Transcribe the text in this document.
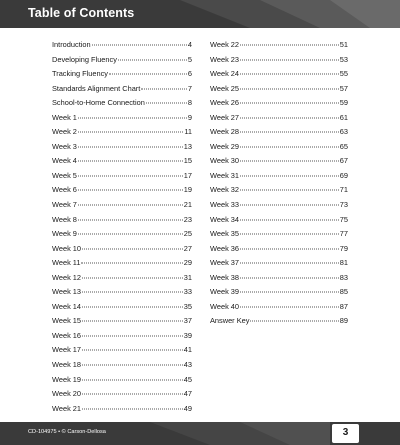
Table of Contents
Introduction	4
Developing Fluency	5
Tracking Fluency	6
Standards Alignment Chart	7
School-to-Home Connection	8
Week 1	9
Week 2	11
Week 3	13
Week 4	15
Week 5	17
Week 6	19
Week 7	21
Week 8	23
Week 9	25
Week 10	27
Week 11	29
Week 12	31
Week 13	33
Week 14	35
Week 15	37
Week 16	39
Week 17	41
Week 18	43
Week 19	45
Week 20	47
Week 21	49
Week 22	51
Week 23	53
Week 24	55
Week 25	57
Week 26	59
Week 27	61
Week 28	63
Week 29	65
Week 30	67
Week 31	69
Week 32	71
Week 33	73
Week 34	75
Week 35	77
Week 36	79
Week 37	81
Week 38	83
Week 39	85
Week 40	87
Answer Key	89
CD-104975 • © Carson-Dellosa	3
